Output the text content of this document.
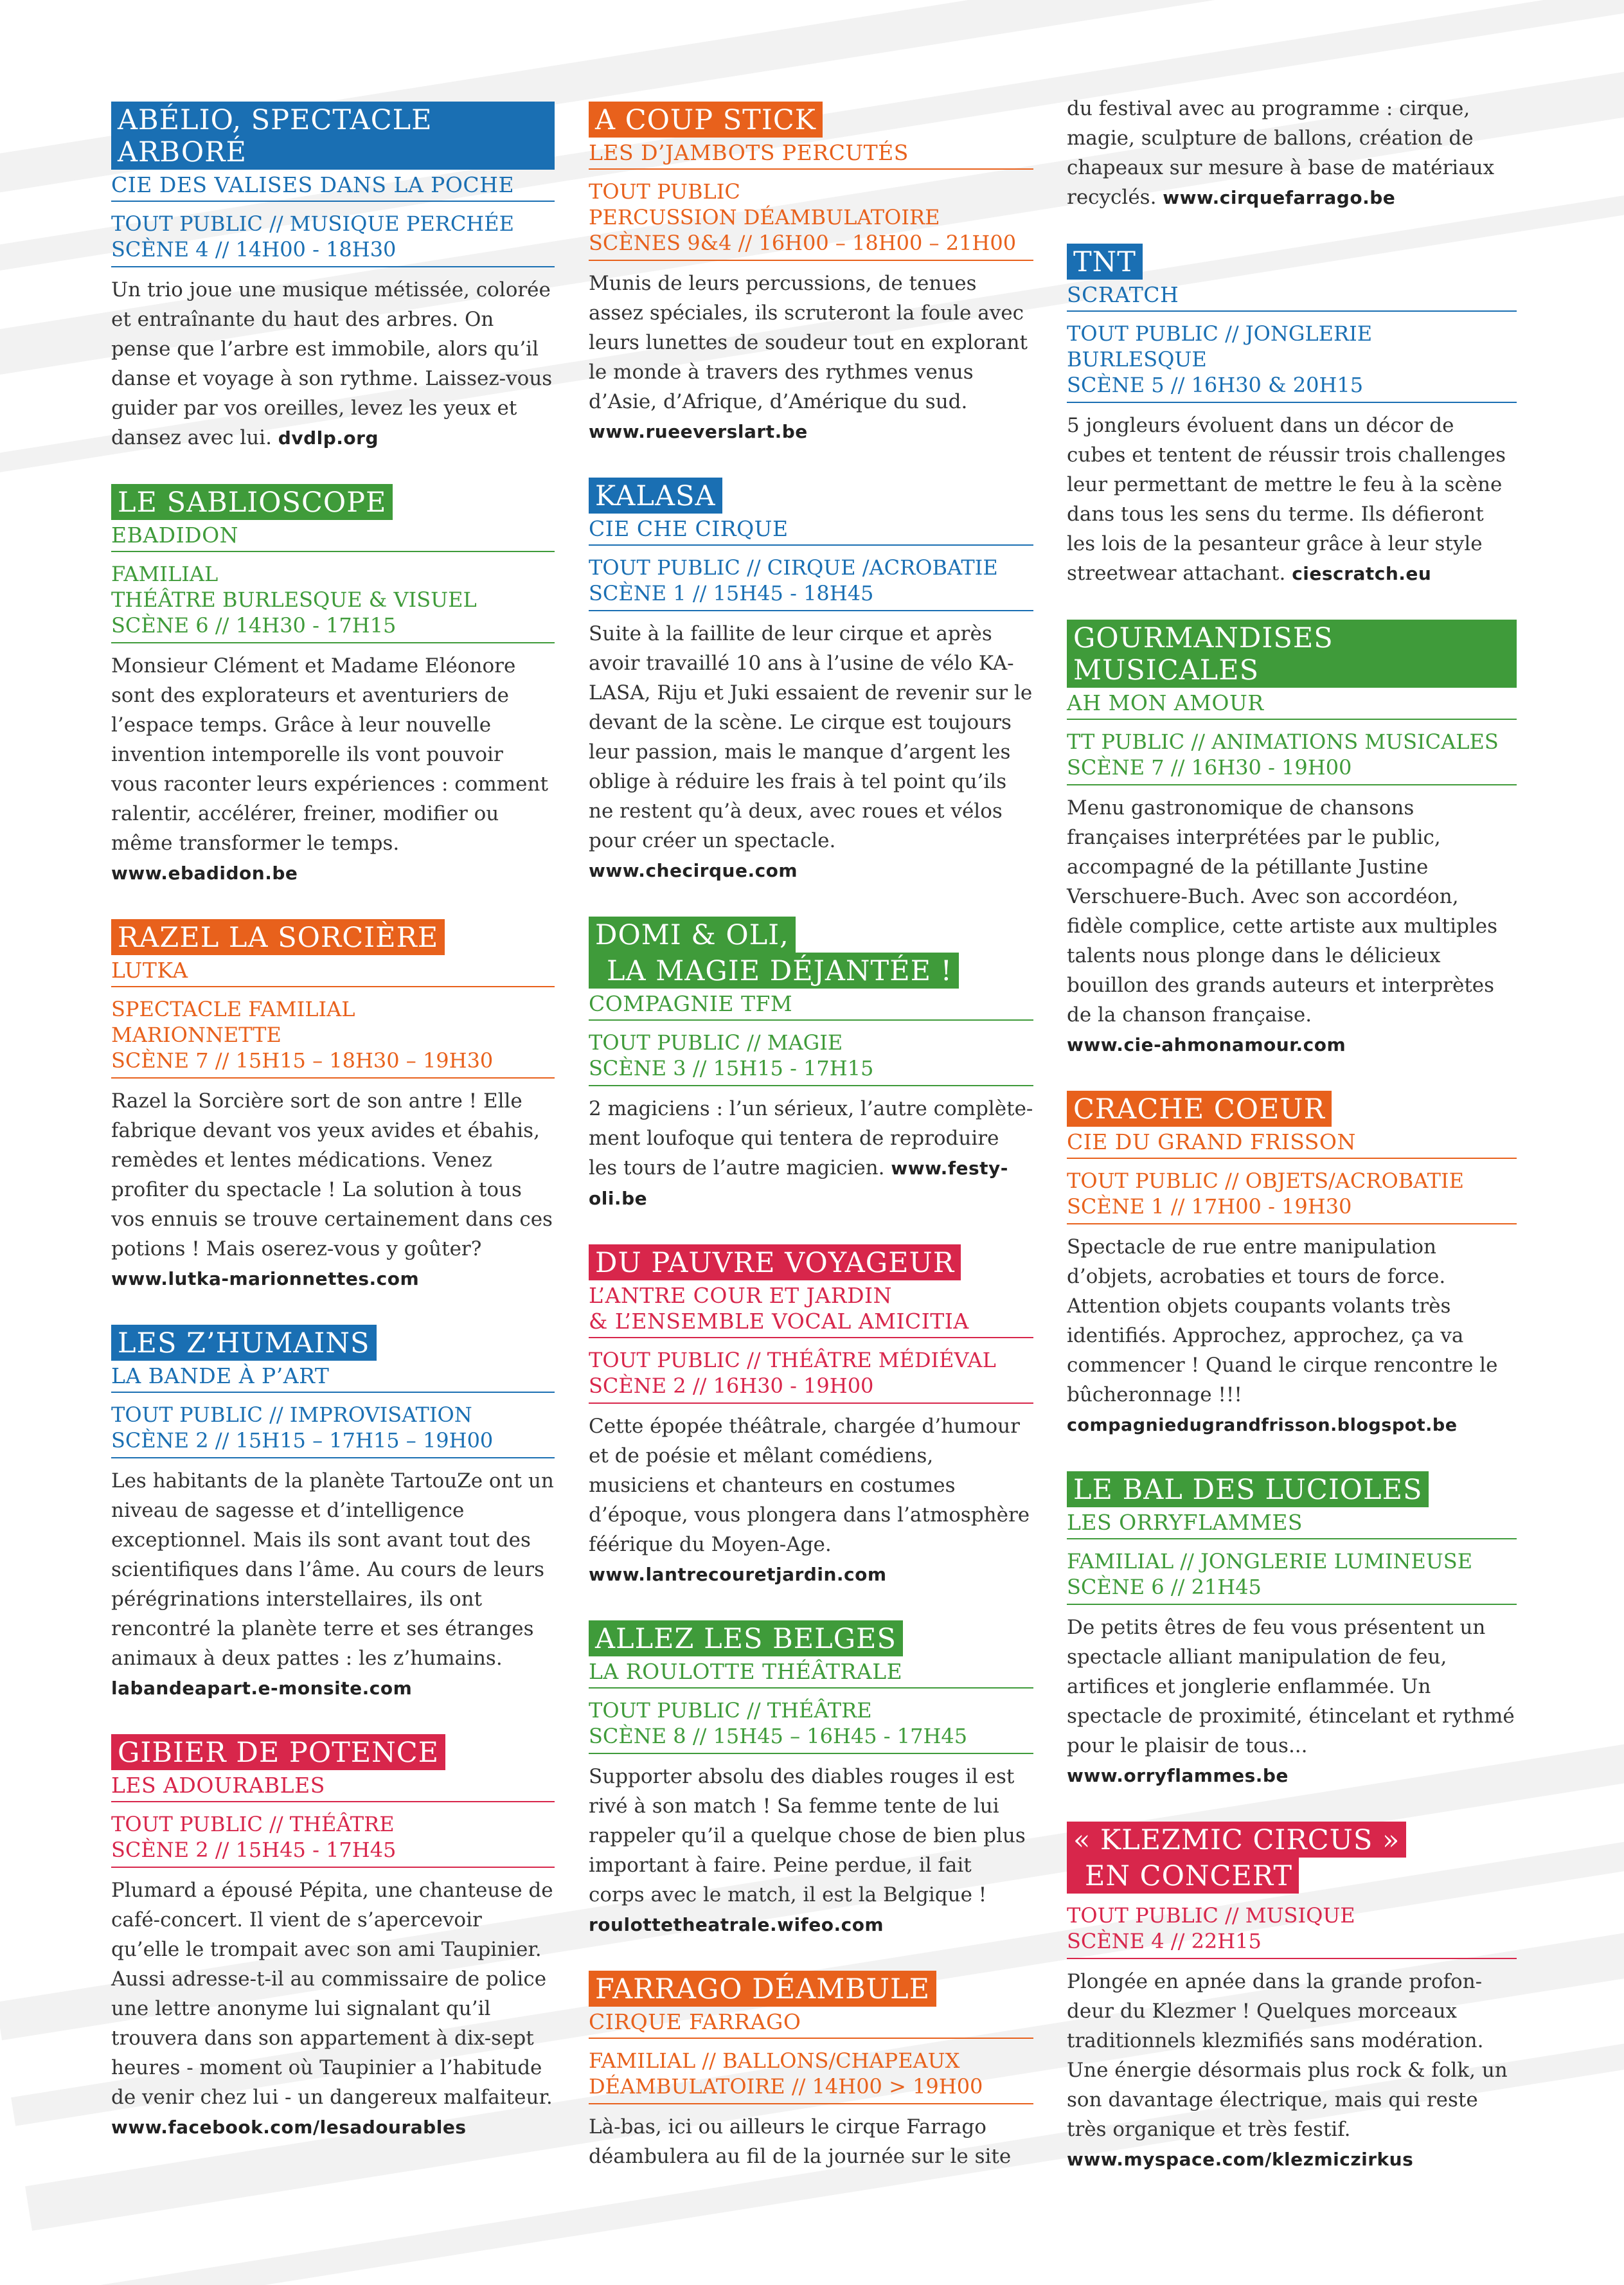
ABÉLIO, SPECTACLE ARBORÉ
CIE DES VALISES DANS LA POCHE
TOUT PUBLIC // MUSIQUE PERCHÉE
SCÈNE 4 // 14H00 - 18H30
Un trio joue une musique métissée, colorée et entraînante du haut des arbres. On pense que l’arbre est immobile, alors qu’il danse et voyage à son rythme. Laissez-vous guider par vos oreilles, levez les yeux et dansez avec lui. dvdlp.org
LE SABLIOSCOPE
EBADIDON
FAMILIAL
THÉÂTRE BURLESQUE & VISUEL
SCÈNE 6 // 14H30 - 17H15
Monsieur Clément et Madame Eléonore sont des explorateurs et aventuriers de l’espace temps. Grâce à leur nouvelle invention intemporelle ils vont pouvoir vous raconter leurs expériences : comment ralentir, accélérer, freiner, modifier ou même transformer le temps.
www.ebadidon.be
RAZEL LA SORCIÈRE
LUTKA
SPECTACLE FAMILIAL
MARIONNETTE
SCÈNE 7 // 15H15 – 18H30 – 19H30
Razel la Sorcière sort de son antre ! Elle fabrique devant vos yeux avides et ébahis, remèdes et lentes médications. Venez profiter du spectacle ! La solution à tous vos ennuis se trouve certainement dans ces potions ! Mais oserez-vous y goûter?
www.lutka-marionnettes.com
LES Z’HUMAINS
LA BANDE À P’ART
TOUT PUBLIC // IMPROVISATION
SCÈNE 2 // 15H15 – 17H15 – 19H00
Les habitants de la planète TartouZe ont un niveau de sagesse et d’intelligence exceptionnel. Mais ils sont avant tout des scientifiques dans l’âme. Au cours de leurs pérégrinations interstellaires, ils ont rencontré la planète terre et ses étranges animaux à deux pattes : les z’humains.
labandeapart.e-monsite.com
GIBIER DE POTENCE
LES ADOURABLES
TOUT PUBLIC // THÉÂTRE
SCÈNE 2 // 15H45 - 17H45
Plumard a épousé Pépita, une chanteuse de café-concert. Il vient de s’apercevoir qu’elle le trompait avec son ami Taupinier. Aussi adresse-t-il au commissaire de police une lettre anonyme lui signalant qu’il trouvera dans son appartement à dix-sept heures - moment où Taupinier a l’habitude de venir chez lui - un dangereux malfaiteur.
www.facebook.com/lesadourables
A COUP STICK
LES D’JAMBOTS PERCUTÉS
TOUT PUBLIC
PERCUSSION DÉAMBULATOIRE
SCÈNES 9&4 // 16H00 – 18H00 – 21H00
Munis de leurs percussions, de tenues assez spéciales, ils scruteront la foule avec leurs lunettes de soudeur tout en explorant le monde à travers des rythmes venus d’Asie, d’Afrique, d’Amérique du sud.
www.rueeverslart.be
KALASA
CIE CHE CIRQUE
TOUT PUBLIC // CIRQUE /ACROBATIE
SCÈNE 1 // 15H45 - 18H45
Suite à la faillite de leur cirque et après avoir travaillé 10 ans à l’usine de vélo KA-LASA, Riju et Juki essaient de revenir sur le devant de la scène. Le cirque est toujours leur passion, mais le manque d’argent les oblige à réduire les frais à tel point qu’ils ne restent qu’à deux, avec roues et vélos pour créer un spectacle.
www.checirque.com
DOMI & OLI,
LA MAGIE DÉJANTÉE !
COMPAGNIE TFM
TOUT PUBLIC // MAGIE
SCÈNE 3 // 15H15 - 17H15
2 magiciens : l’un sérieux, l’autre complète-ment loufoque qui tentera de reproduire les tours de l’autre magicien. www.festy-oli.be
DU PAUVRE VOYAGEUR
L’ANTRE COUR ET JARDIN
& L’ENSEMBLE VOCAL AMICITIA
TOUT PUBLIC // THÉÂTRE MÉDIÉVAL
SCÈNE 2 // 16H30 - 19H00
Cette épopée théâtrale, chargée d’humour et de poésie et mêlant comédiens, musiciens et chanteurs en costumes d’époque, vous plongera dans l’atmosphère féérique du Moyen-Age. www.lantrecouretjardin.com
ALLEZ LES BELGES
LA ROULOTTE THÉÂTRALE
TOUT PUBLIC // THÉÂTRE
SCÈNE 8 // 15H45 – 16H45 - 17H45
Supporter absolu des diables rouges il est rivé à son match ! Sa femme tente de lui rappeler qu’il a quelque chose de bien plus important à faire. Peine perdue, il fait corps avec le match, il est la Belgique !
roulottetheatrale.wifeo.com
FARRAGO DÉAMBULE
CIRQUE FARRAGO
FAMILIAL // BALLONS/CHAPEAUX
DÉAMBULATOIRE // 14H00 > 19H00
Là-bas, ici ou ailleurs le cirque Farrago déambulera au fil de la journée sur le site
du festival avec au programme : cirque, magie, sculpture de ballons, création de chapeaux sur mesure à base de matériaux recyclés. www.cirquefarrago.be
TNT
SCRATCH
TOUT PUBLIC // JONGLERIE BURLESQUE
SCÈNE 5 // 16H30 & 20H15
5 jongleurs évoluent dans un décor de cubes et tentent de réussir trois challenges leur permettant de mettre le feu à la scène dans tous les sens du terme. Ils défieront les lois de la pesanteur grâce à leur style streetwear attachant. ciescratch.eu
GOURMANDISES MUSICALES
AH MON AMOUR
TT PUBLIC // ANIMATIONS MUSICALES
SCÈNE 7 // 16H30 - 19H00
Menu gastronomique de chansons françaises interprétées par le public, accompagné de la pétillante Justine Verschuere-Buch. Avec son accordéon, fidèle complice, cette artiste aux multiples talents nous plonge dans le délicieux bouillon des grands auteurs et interprètes de la chanson française.
www.cie-ahmonamour.com
CRACHE COEUR
CIE DU GRAND FRISSON
TOUT PUBLIC // OBJETS/ACROBATIE
SCÈNE 1 // 17H00 - 19H30
Spectacle de rue entre manipulation d’objets, acrobaties et tours de force. Attention objets coupants volants très identifiés. Approchez, approchez, ça va commencer ! Quand le cirque rencontre le bûcheronnage !!!
compagniedugrandfrisson.blogspot.be
LE BAL DES LUCIOLES
LES ORRYFLAMMES
FAMILIAL // JONGLERIE LUMINEUSE
SCÈNE 6 // 21H45
De petits êtres de feu vous présentent un spectacle alliant manipulation de feu, artifices et jonglerie enflammée. Un spectacle de proximité, étincelant et rythmé pour le plaisir de tous...
www.orryflammes.be
« KLEZMIC CIRCUS »
EN CONCERT
TOUT PUBLIC // MUSIQUE
SCÈNE 4 // 22H15
Plongée en apnée dans la grande profon-deur du Klezmer ! Quelques morceaux traditionnels klezmifiés sans modération. Une énergie désormais plus rock & folk, un son davantage électrique, mais qui reste très organique et très festif.
www.myspace.com/klezmiczirkus
